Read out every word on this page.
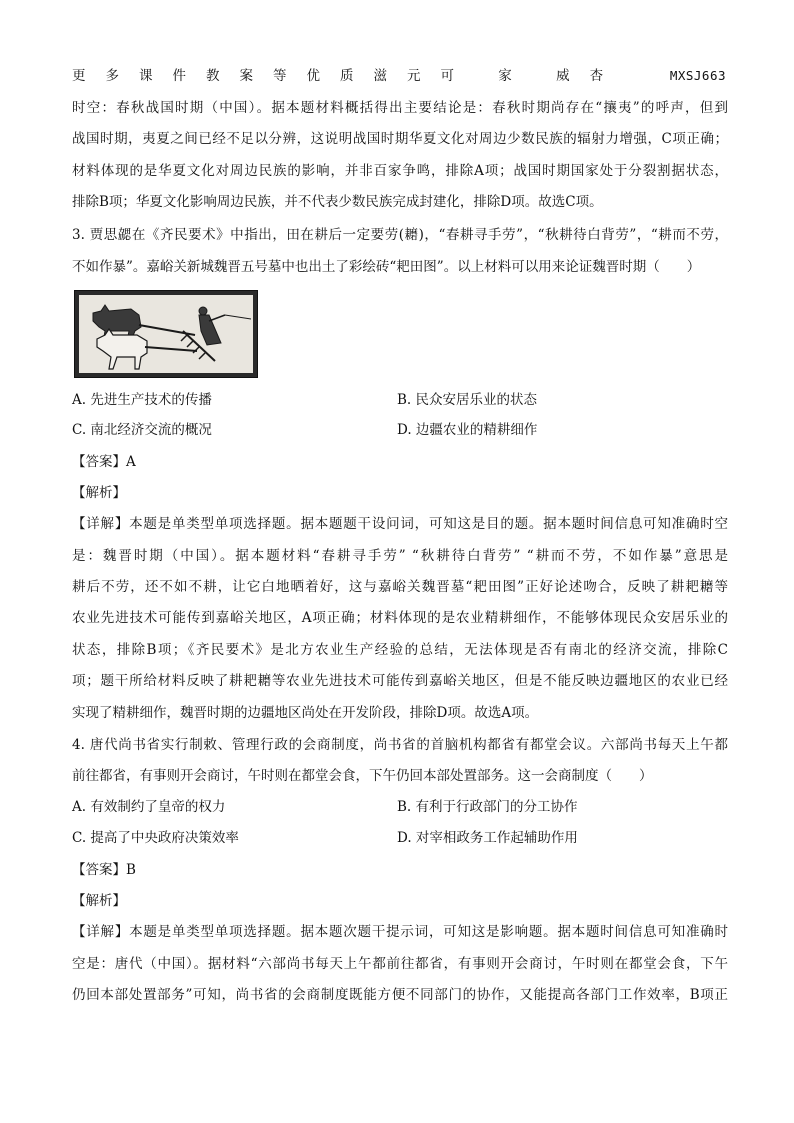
更多课件教案等优质滋元可 家 威杏	MXSJ663
时空：春秋战国时期（中国）。据本题材料概括得出主要结论是：春秋时期尚存在“攘夷”的呼声，但到
战国时期，夷夏之间已经不足以分辨，这说明战国时期华夏文化对周边少数民族的辐射力增强，C项正确；
材料体现的是华夏文化对周边民族的影响，并非百家争鸣，排除A项；战国时期国家处于分裂割据状态，
排除B项；华夏文化影响周边民族，并不代表少数民族完成封建化，排除D项。故选C项。
3. 贾思勰在《齐民要术》中指出，田在耕后一定要劳(耱)，“春耕寻手劳”，“秋耕待白背劳”，“耕而不劳，
不如作暴”。嘉峪关新城魏晋五号墓中也出土了彩绘砖“耙田图”。以上材料可以用来论证魏晋时期（　　）
A. 先进生产技术的传播	B. 民众安居乐业的状态
C. 南北经济交流的概况	D. 边疆农业的精耕细作
【答案】A
【解析】
【详解】本题是单类型单项选择题。据本题题干设问词，可知这是目的题。据本题时间信息可知准确时空
是：魏晋时期（中国）。据本题材料“春耕寻手劳” “秋耕待白背劳” “耕而不劳，不如作暴”意思是
耕后不劳，还不如不耕，让它白地晒着好，这与嘉峪关魏晋墓“耙田图”正好论述吻合，反映了耕耙耱等
农业先进技术可能传到嘉峪关地区，A项正确；材料体现的是农业精耕细作，不能够体现民众安居乐业的
状态，排除B项；《齐民要术》是北方农业生产经验的总结，无法体现是否有南北的经济交流，排除C
项；题干所给材料反映了耕耙耱等农业先进技术可能传到嘉峪关地区，但是不能反映边疆地区的农业已经
实现了精耕细作，魏晋时期的边疆地区尚处在开发阶段，排除D项。故选A项。
4. 唐代尚书省实行制敕、管理行政的会商制度，尚书省的首脑机构都省有都堂会议。六部尚书每天上午都
前往都省，有事则开会商讨，午时则在都堂会食，下午仍回本部处置部务。这一会商制度（　　）
A. 有效制约了皇帝的权力	B. 有利于行政部门的分工协作
C. 提高了中央政府决策效率	D. 对宰相政务工作起辅助作用
【答案】B
【解析】
【详解】本题是单类型单项选择题。据本题次题干提示词，可知这是影响题。据本题时间信息可知准确时
空是：唐代（中国）。据材料“六部尚书每天上午都前往都省，有事则开会商讨，午时则在都堂会食，下午
仍回本部处置部务”可知，尚书省的会商制度既能方便不同部门的协作，又能提高各部门工作效率，B项正
